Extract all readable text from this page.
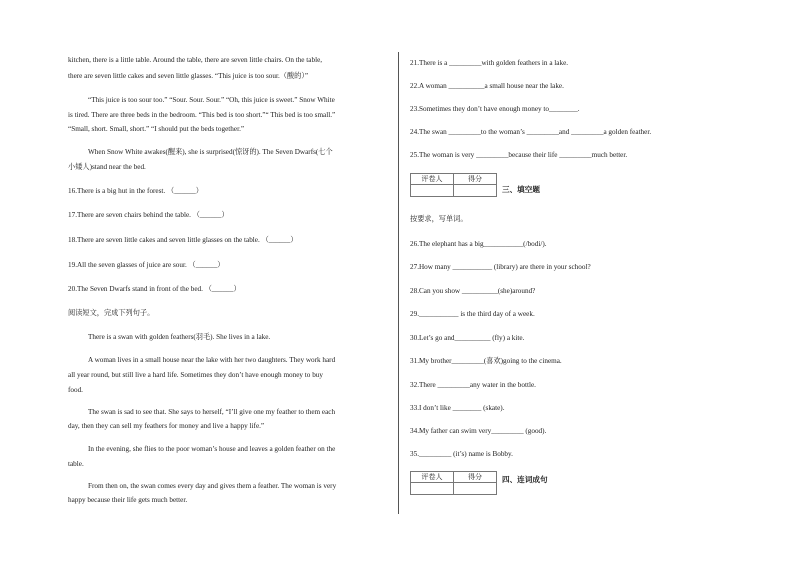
kitchen, there is a little table. Around the table, there are seven little chairs. On the table,
there are seven little cakes and seven little glasses. “This juice is too sour.（酸的）”
“This juice is too sour too.” “Sour. Sour. Sour.” “Oh, this juice is sweet.” Snow White
is tired. There are three beds in the bedroom. “This bed is too short.”“ This bed is too small.”
“Small, short. Small, short.” “I should put the beds together.”
When Snow White awakes(醒来), she is surprised(惊讶的). The Seven Dwarfs(七个
小矮人)stand near the bed.
16.There is a big hut in the forest. （______）
17.There are seven chairs behind the table. （______）
18.There are seven little cakes and seven little glasses on the table. （______）
19.All the seven glasses of juice are sour. （______）
20.The Seven Dwarfs stand in front of the bed. （______）
阅读短文，完成下列句子。
There is a swan with golden feathers(羽毛). She lives in a lake.
A woman lives in a small house near the lake with her two daughters. They work hard
all year round, but still live a hard life. Sometimes they don’t have enough money to buy
food.
The swan is sad to see that. She says to herself, “I’ll give one my feather to them each
day, then they can sell my feathers for money and live a happy life.”
In the evening, she flies to the poor woman’s house and leaves a golden feather on the
table.
From then on, the swan comes every day and gives them a feather. The woman is very
happy because their life gets much better.
21.There is a _________with golden feathers in a lake.
22.A woman __________a small house near the lake.
23.Sometimes they don’t have enough money to________.
24.The swan _________to the woman’s _________and _________a golden feather.
25.The woman is very _________because their life _________much better.
评卷人	得分

三、填空题
按要求，写单词。
26.The elephant has a big___________(/bodi/).
27.How many ___________ (library) are there in your school?
28.Can you show __________(she)around?
29.___________ is the third day of a week.
30.Let’s go and__________ (fly) a kite.
31.My brother_________(喜欢)going to the cinema.
32.There _________any water in the bottle.
33.I don’t like ________ (skate).
34.My father can swim very_________ (good).
35._________ (it’s) name is Bobby.
评卷人	得分
		四、连词成句
